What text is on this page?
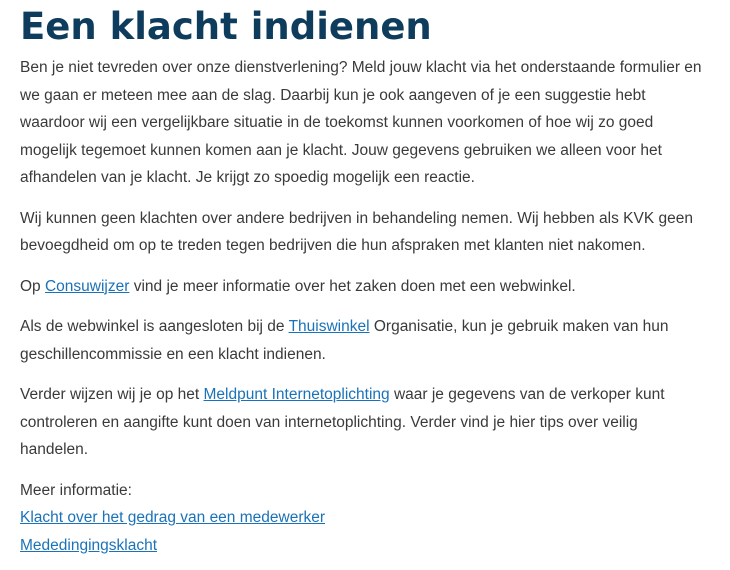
Een klacht indienen

Ben je niet tevreden over onze dienstverlening? Meld jouw klacht via het onderstaande formulier en we gaan er meteen mee aan de slag. Daarbij kun je ook aangeven of je een suggestie hebt waardoor wij een vergelijkbare situatie in de toekomst kunnen voorkomen of hoe wij zo goed mogelijk tegemoet kunnen komen aan je klacht. Jouw gegevens gebruiken we alleen voor het afhandelen van je klacht. Je krijgt zo spoedig mogelijk een reactie.

Wij kunnen geen klachten over andere bedrijven in behandeling nemen. Wij hebben als KVK geen bevoegdheid om op te treden tegen bedrijven die hun afspraken met klanten niet nakomen.

Op Consuwijzer vind je meer informatie over het zaken doen met een webwinkel.

Als de webwinkel is aangesloten bij de Thuiswinkel Organisatie, kun je gebruik maken van hun geschillencommissie en een klacht indienen.

Verder wijzen wij je op het Meldpunt Internetoplichting waar je gegevens van de verkoper kunt controleren en aangifte kunt doen van internetoplichting. Verder vind je hier tips over veilig handelen.

Meer informatie:

Klacht over het gedrag van een medewerker

Mededingingsklacht
